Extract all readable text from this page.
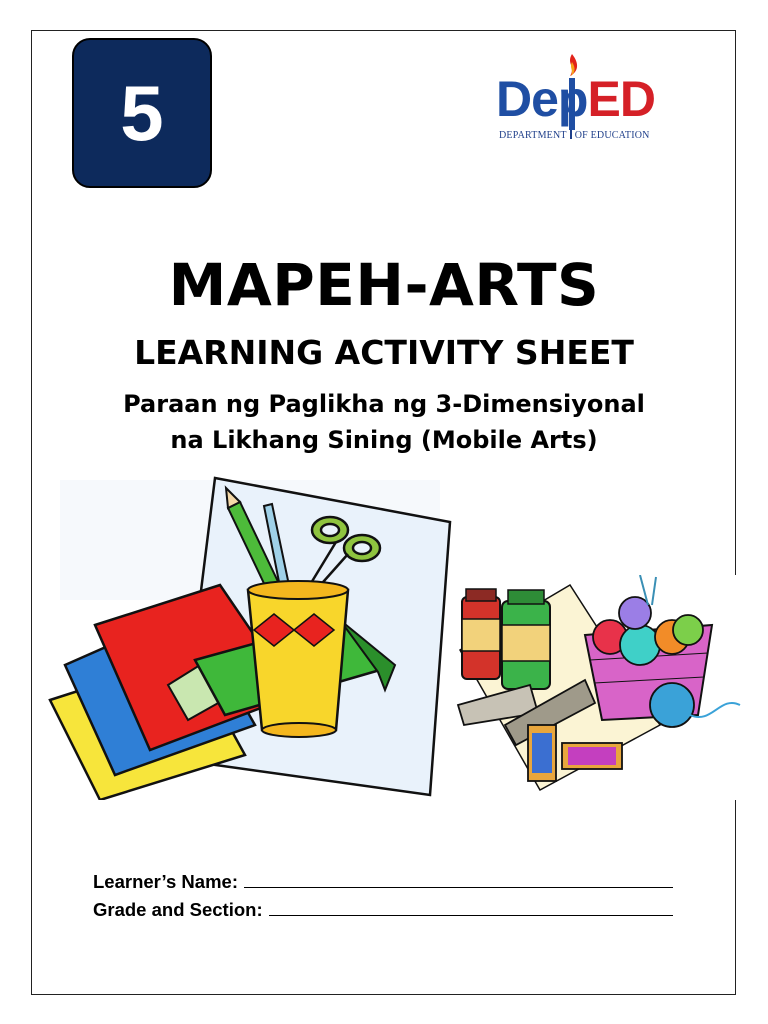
5	DepED
DEPARTMENT OF EDUCATION
MAPEH-ARTS
LEARNING ACTIVITY SHEET
Paraan ng Paglikha ng 3-Dimensiyonal
na Likhang Sining (Mobile Arts)
Learner’s Name:
Grade and Section:
